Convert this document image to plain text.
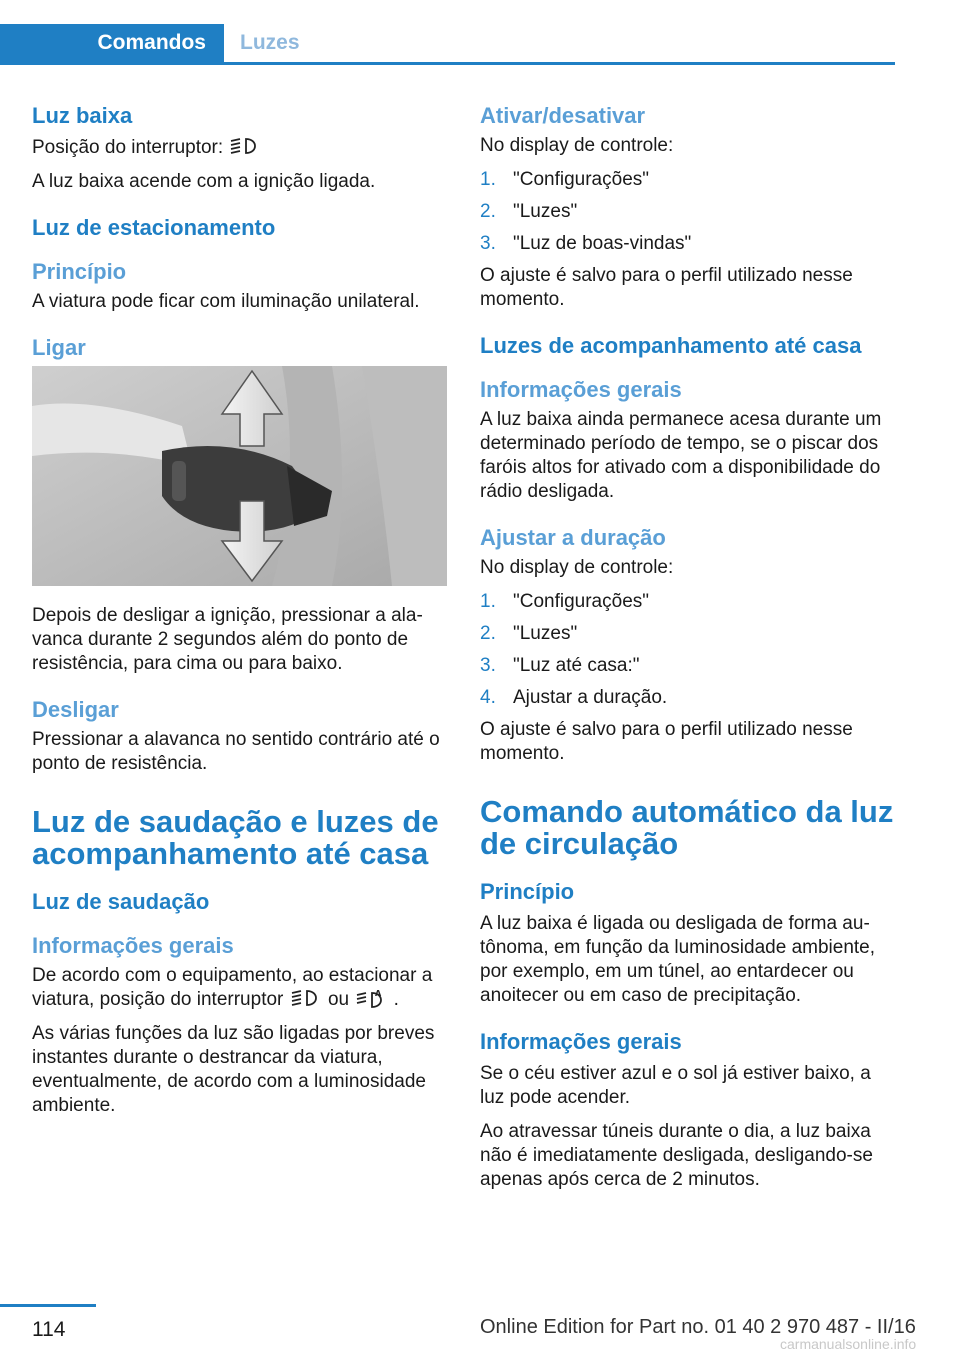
Comandos	Luzes
Luz baixa

Posição do interruptor:

A luz baixa acende com a ignição ligada.

Luz de estacionamento
Princípio

A viatura pode ficar com iluminação unilateral.

Ligar

Depois de desligar a ignição, pressionar a alavanca durante 2 segundos além do ponto de resistência, para cima ou para baixo.

Desligar

Pressionar a alavanca no sentido contrário até o ponto de resistência.

Luz de saudação e luzes de acompanhamento até casa
Luz de saudação
Informações gerais

De acordo com o equipamento, ao estacionar a viatura, posição do interruptor ou	A .

As várias funções da luz são ligadas por breves instantes durante o destrancar da viatura, eventualmente, de acordo com a luminosidade ambiente.

Ativar/desativar

No display de controle:

1. "Configurações"
2. "Luzes"
3. "Luz de boas-vindas"

O ajuste é salvo para o perfil utilizado nesse momento.

Luzes de acompanhamento até casa
Informações gerais

A luz baixa ainda permanece acesa durante um determinado período de tempo, se o piscar dos faróis altos for ativado com a disponibilidade do rádio desligada.

Ajustar a duração

No display de controle:

1. "Configurações"
2. "Luzes"
3. "Luz até casa:"
4. Ajustar a duração.

O ajuste é salvo para o perfil utilizado nesse momento.

Comando automático da luz de circulação
Princípio

A luz baixa é ligada ou desligada de forma autônoma, em função da luminosidade ambiente, por exemplo, em um túnel, ao entardecer ou anoitecer ou em caso de precipitação.

Informações gerais

Se o céu estiver azul e o sol já estiver baixo, a luz pode acender.

Ao atravessar túneis durante o dia, a luz baixa não é imediatamente desligada, desligando-se apenas após cerca de 2 minutos.

114	Online Edition for Part no. 01 40 2 970 487 - II/16
carmanualsonline.info
